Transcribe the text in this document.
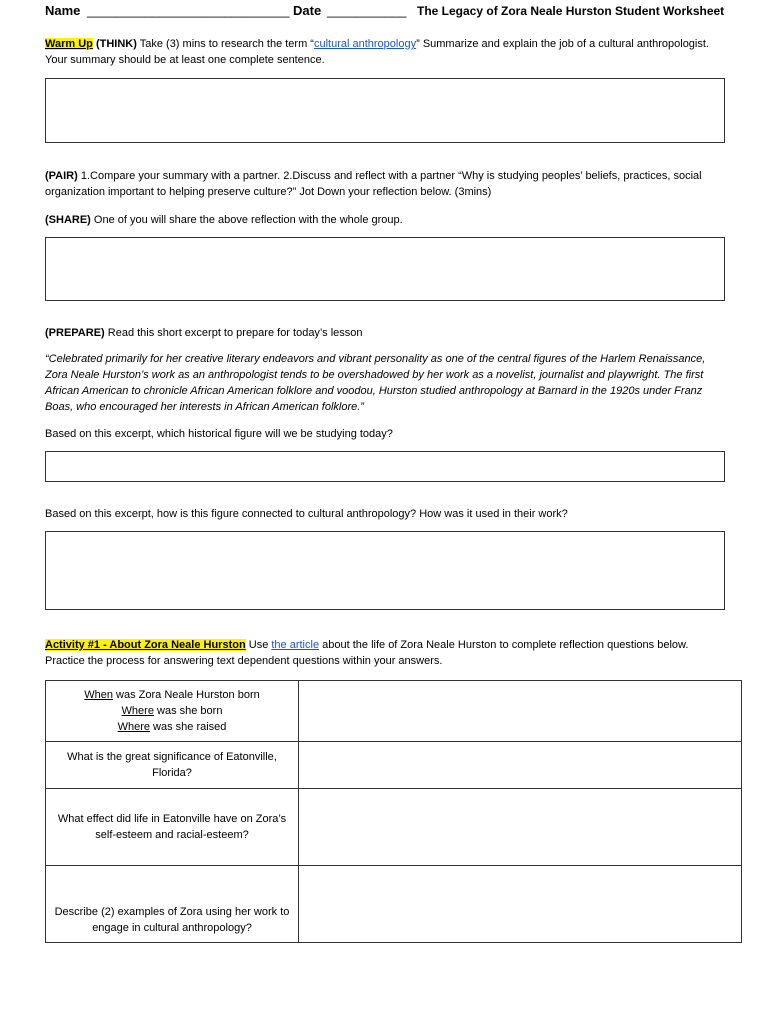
Name ____________________________ Date ___________ The Legacy of Zora Neale Hurston Student Worksheet
Warm Up (THINK) Take (3) mins to research the term “cultural anthropology” Summarize and explain the job of a cultural anthropologist. Your summary should be at least one complete sentence.
(PAIR) 1.Compare your summary with a partner. 2.Discuss and reflect with a partner “Why is studying peoples’ beliefs, practices, social organization important to helping preserve culture?” Jot Down your reflection below. (3mins)
(SHARE) One of you will share the above reflection with the whole group.
(PREPARE) Read this short excerpt to prepare for today’s lesson
“Celebrated primarily for her creative literary endeavors and vibrant personality as one of the central figures of the Harlem Renaissance, Zora Neale Hurston’s work as an anthropologist tends to be overshadowed by her work as a novelist, journalist and playwright. The first African American to chronicle African American folklore and voodou, Hurston studied anthropology at Barnard in the 1920s under Franz Boas, who encouraged her interests in African American folklore.”
Based on this excerpt, which historical figure will we be studying today?
Based on this excerpt, how is this figure connected to cultural anthropology? How was it used in their work?
Activity #1 - About Zora Neale Hurston Use the article about the life of Zora Neale Hurston to complete reflection questions below. Practice the process for answering text dependent questions within your answers.
When was Zora Neale Hurston born
Where was she born
Where was she raised	

What is the great significance of Eatonville, Florida?	
What effect did life in Eatonville have on Zora’s self-esteem and racial-esteem?	
Describe (2) examples of Zora using her work to engage in cultural anthropology?	
